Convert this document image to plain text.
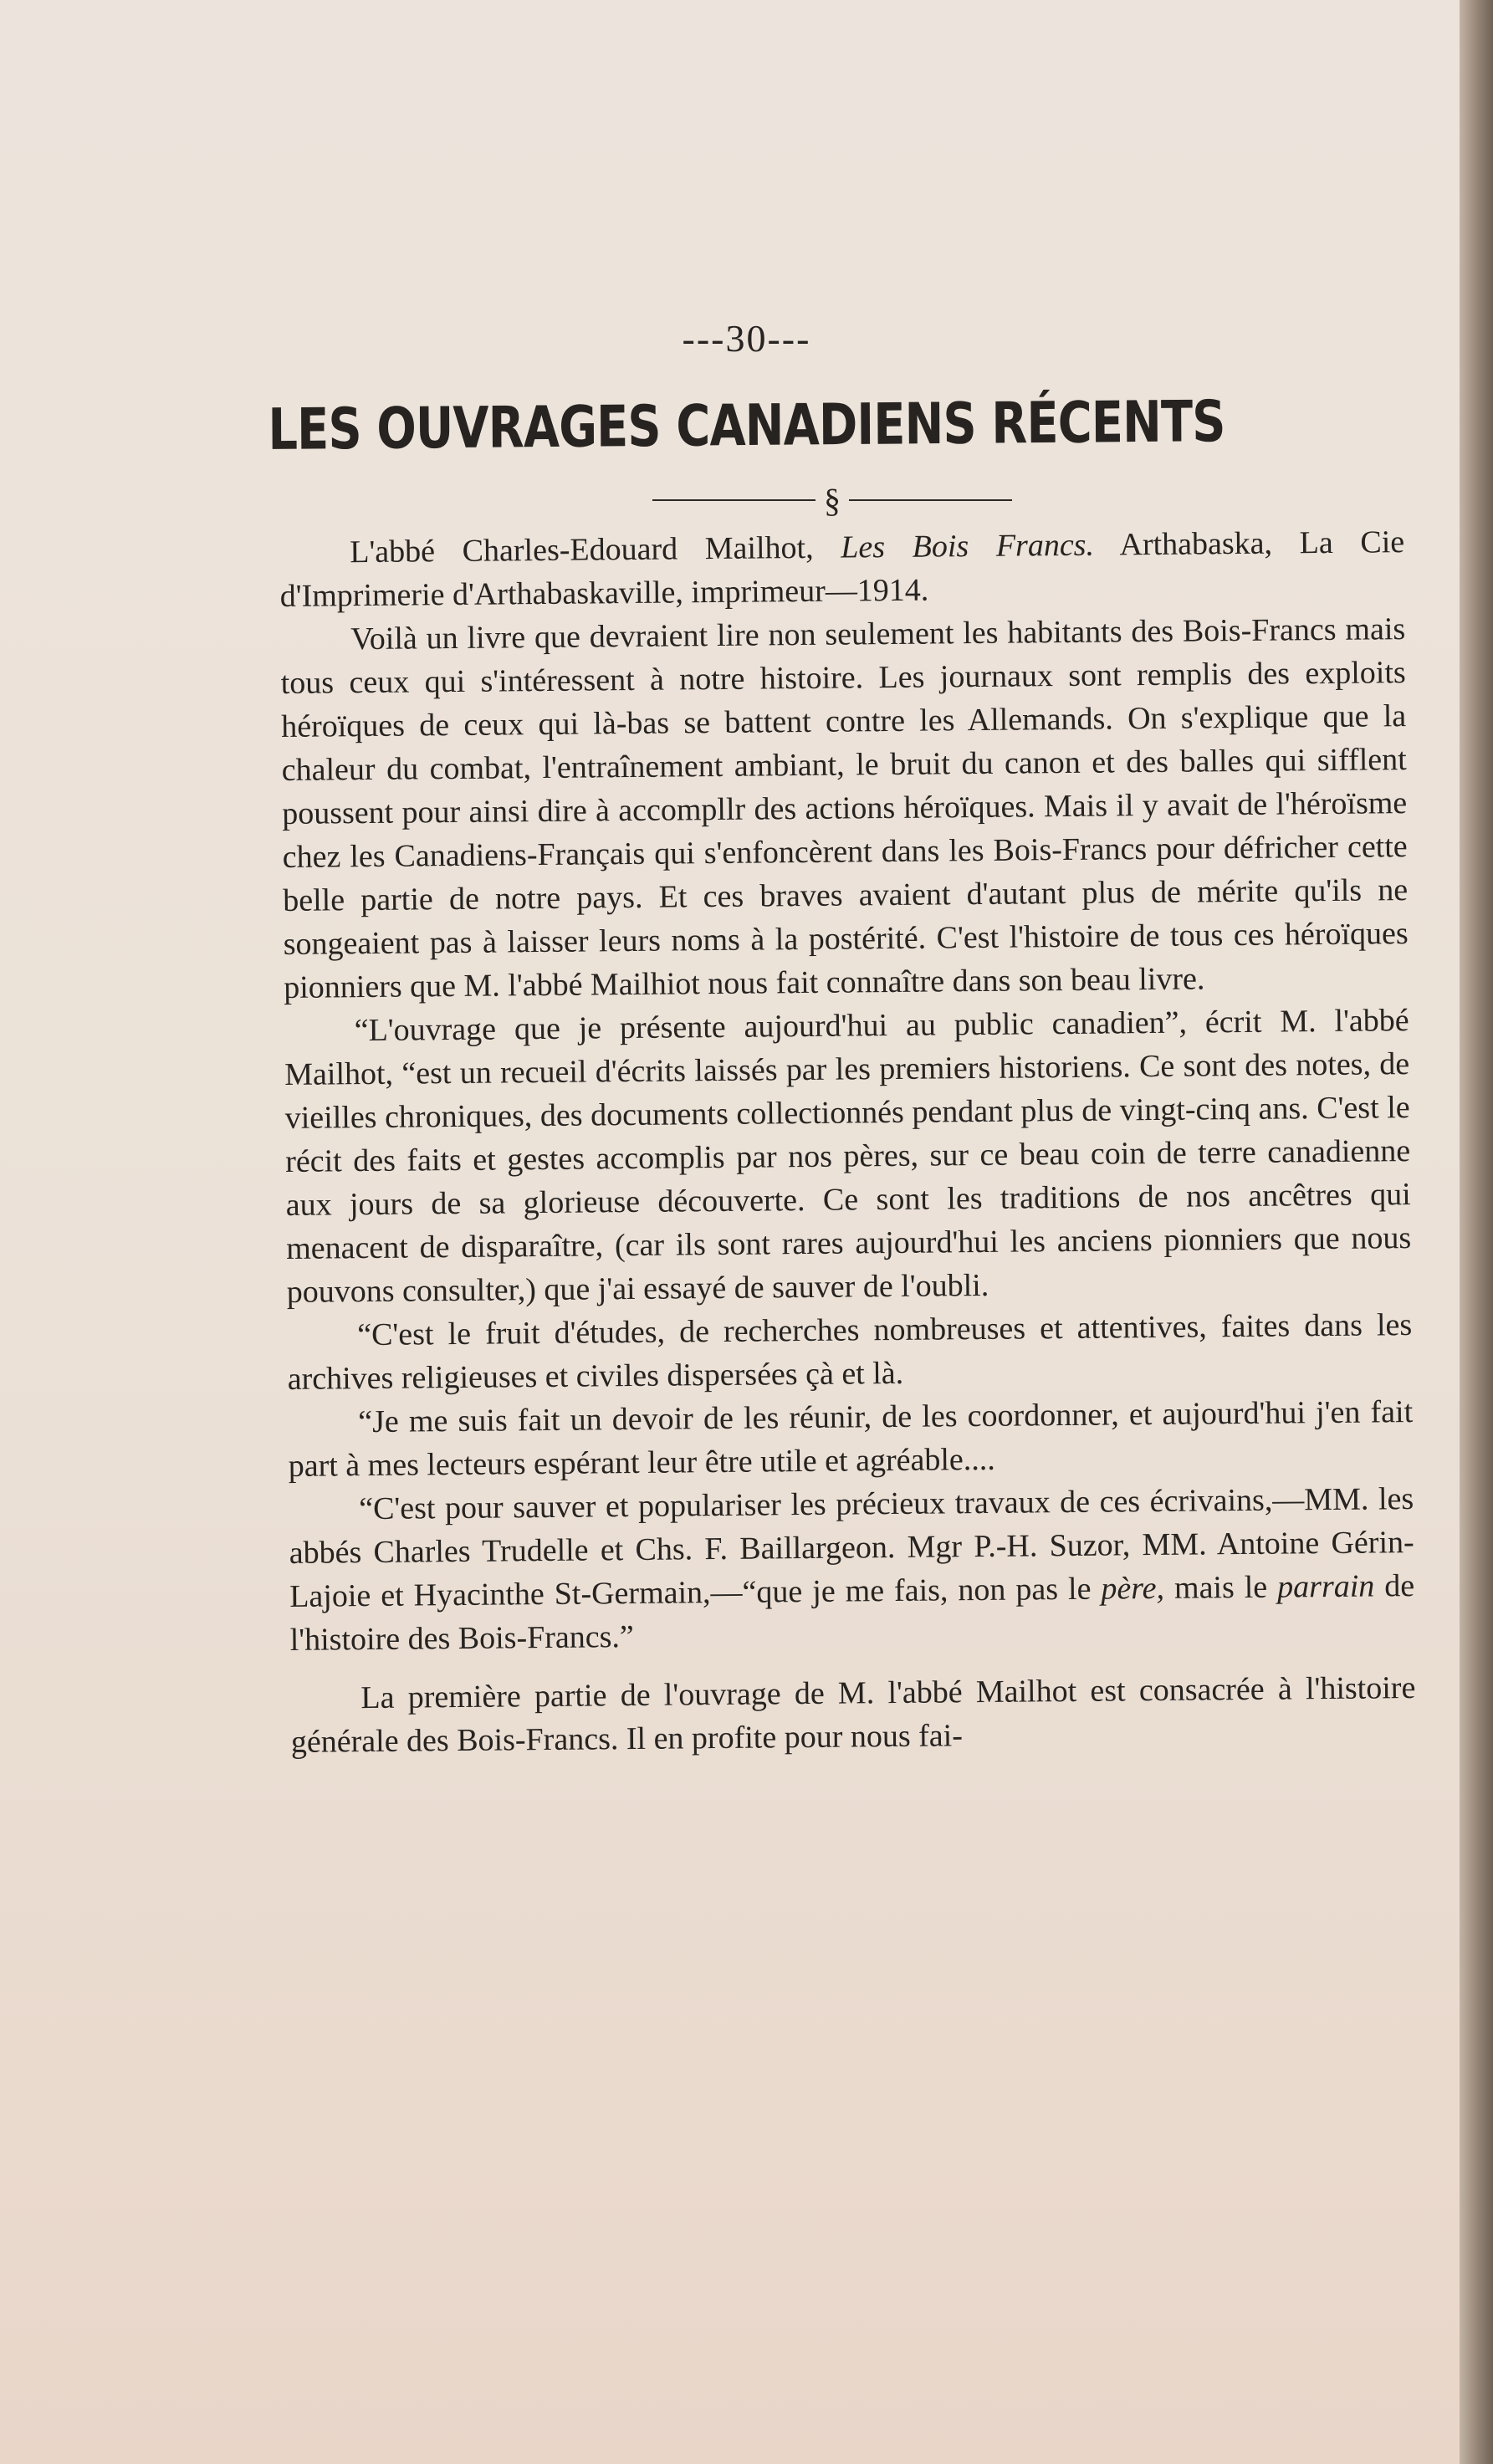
---30---
LES OUVRAGES CANADIENS RÉCENTS
§

L'abbé Charles-Edouard Mailhot, Les Bois Francs. Arthabaska, La Cie d'Imprimerie d'Arthabaskaville, imprimeur—1914.

Voilà un livre que devraient lire non seulement les habitants des Bois-Francs mais tous ceux qui s'intéressent à notre histoire. Les journaux sont remplis des exploits héroïques de ceux qui là-bas se battent contre les Allemands. On s'explique que la chaleur du combat, l'entraînement ambiant, le bruit du canon et des balles qui sifflent poussent pour ainsi dire à accompllr des actions héroïques. Mais il y avait de l'héroïsme chez les Canadiens-Français qui s'enfoncèrent dans les Bois-Francs pour défricher cette belle partie de notre pays. Et ces braves avaient d'autant plus de mérite qu'ils ne songeaient pas à laisser leurs noms à la postérité. C'est l'histoire de tous ces héroïques pionniers que M. l'abbé Mailhiot nous fait connaître dans son beau livre.

“L'ouvrage que je présente aujourd'hui au public canadien”, écrit M. l'abbé Mailhot, “est un recueil d'écrits laissés par les premiers historiens. Ce sont des notes, de vieilles chroniques, des documents collectionnés pendant plus de vingt-cinq ans. C'est le récit des faits et gestes accomplis par nos pères, sur ce beau coin de terre canadienne aux jours de sa glorieuse découverte. Ce sont les traditions de nos ancêtres qui menacent de disparaître, (car ils sont rares aujourd'hui les anciens pionniers que nous pouvons consulter,) que j'ai essayé de sauver de l'oubli.

“C'est le fruit d'études, de recherches nombreuses et attentives, faites dans les archives religieuses et civiles dispersées çà et là.

“Je me suis fait un devoir de les réunir, de les coordonner, et aujourd'hui j'en fait part à mes lecteurs espérant leur être utile et agréable....

“C'est pour sauver et populariser les précieux travaux de ces écrivains,—MM. les abbés Charles Trudelle et Chs. F. Baillargeon. Mgr P.-H. Suzor, MM. Antoine Gérin-Lajoie et Hyacinthe St-Germain,—“que je me fais, non pas le père, mais le parrain de l'histoire des Bois-Francs.”

La première partie de l'ouvrage de M. l'abbé Mailhot est consacrée à l'histoire générale des Bois-Francs. Il en profite pour nous fai-
